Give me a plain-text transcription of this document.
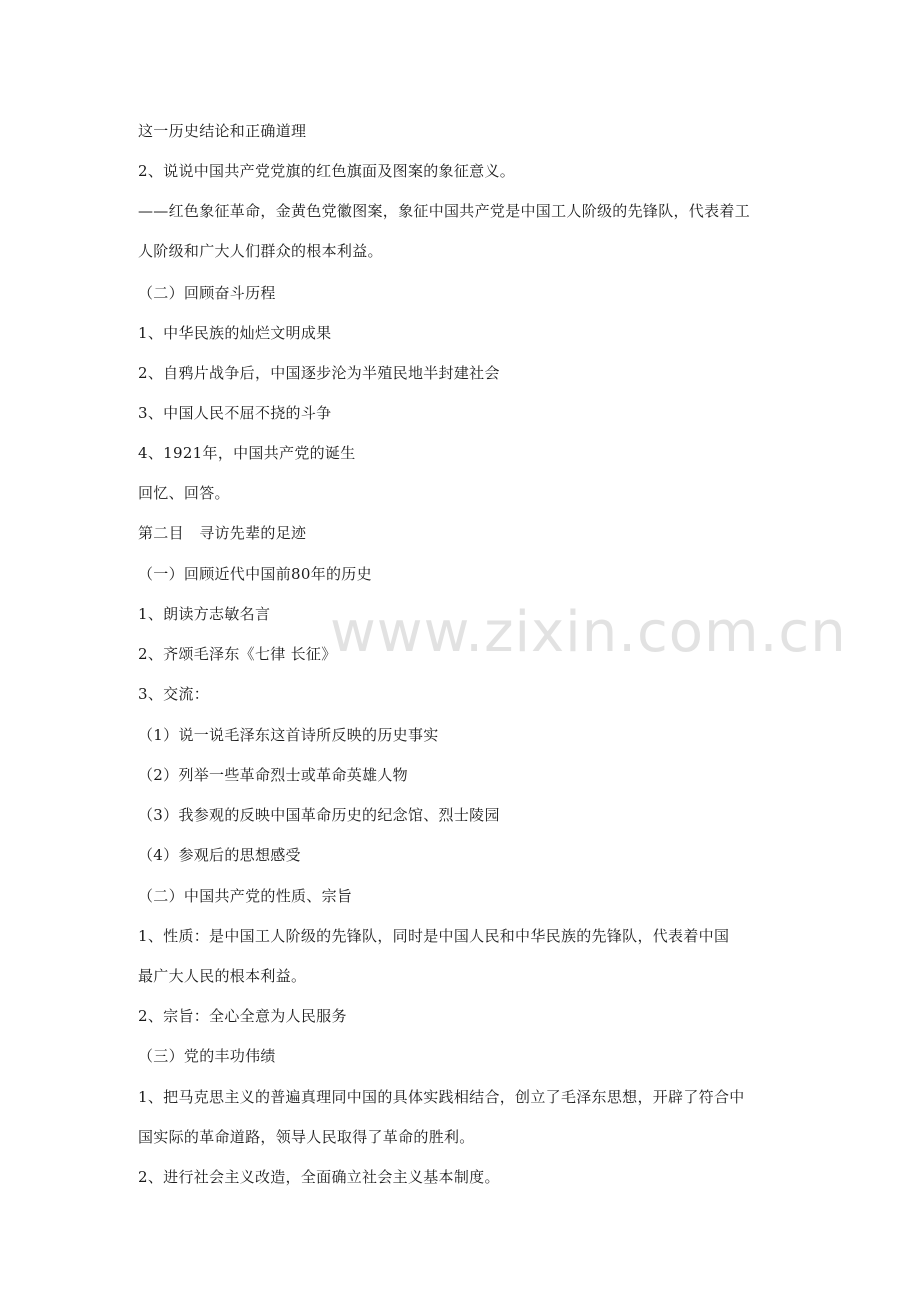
这一历史结论和正确道理
2、说说中国共产党党旗的红色旗面及图案的象征意义。
——红色象征革命，金黄色党徽图案，象征中国共产党是中国工人阶级的先锋队，代表着工
人阶级和广大人们群众的根本利益。
（二）回顾奋斗历程
1、中华民族的灿烂文明成果
2、自鸦片战争后，中国逐步沦为半殖民地半封建社会
3、中国人民不屈不挠的斗争
4、1921年，中国共产党的诞生
回忆、回答。
第二目　寻访先辈的足迹
（一）回顾近代中国前80年的历史
1、朗读方志敏名言
2、齐颂毛泽东《七律 长征》
3、交流：
（1）说一说毛泽东这首诗所反映的历史事实
（2）列举一些革命烈士或革命英雄人物
（3）我参观的反映中国革命历史的纪念馆、烈士陵园
（4）参观后的思想感受
（二）中国共产党的性质、宗旨
1、性质：是中国工人阶级的先锋队，同时是中国人民和中华民族的先锋队，代表着中国
最广大人民的根本利益。
2、宗旨：全心全意为人民服务
（三）党的丰功伟绩
1、把马克思主义的普遍真理同中国的具体实践相结合，创立了毛泽东思想，开辟了符合中
国实际的革命道路，领导人民取得了革命的胜利。
2、进行社会主义改造，全面确立社会主义基本制度。
www.zixin.com.cn
